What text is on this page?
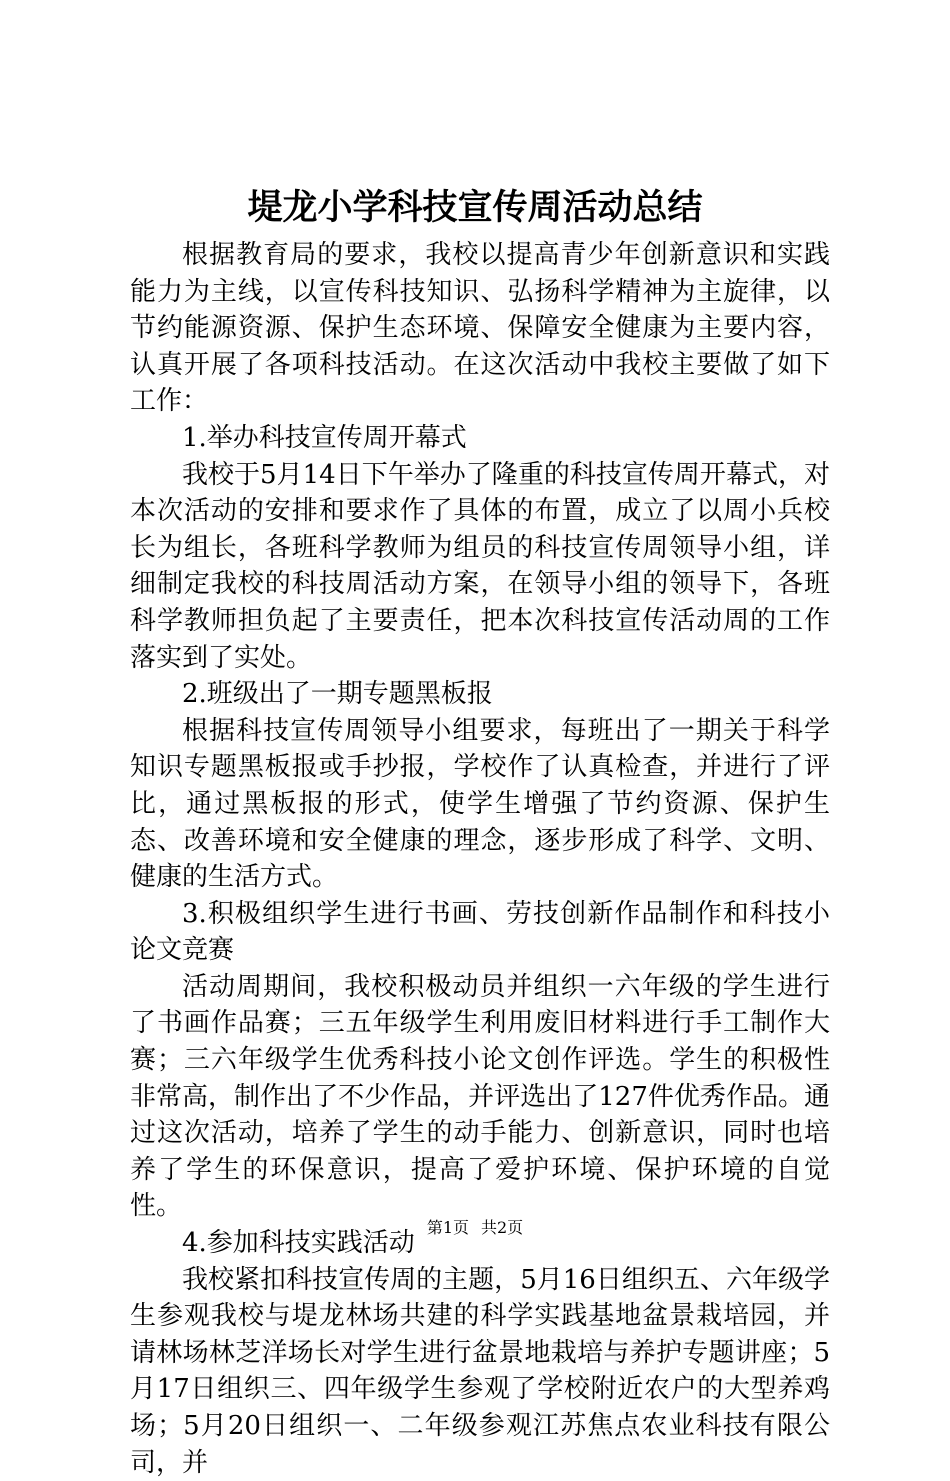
堤龙小学科技宣传周活动总结

根据教育局的要求，我校以提高青少年创新意识和实践能力为主线，以宣传科技知识、弘扬科学精神为主旋律，以节约能源资源、保护生态环境、保障安全健康为主要内容，认真开展了各项科技活动。在这次活动中我校主要做了如下工作：

1.举办科技宣传周开幕式

我校于5月14日下午举办了隆重的科技宣传周开幕式，对本次活动的安排和要求作了具体的布置，成立了以周小兵校长为组长，各班科学教师为组员的科技宣传周领导小组，详细制定我校的科技周活动方案，在领导小组的领导下，各班科学教师担负起了主要责任，把本次科技宣传活动周的工作落实到了实处。

2.班级出了一期专题黑板报

根据科技宣传周领导小组要求，每班出了一期关于科学知识专题黑板报或手抄报，学校作了认真检查，并进行了评比，通过黑板报的形式，使学生增强了节约资源、保护生态、改善环境和安全健康的理念，逐步形成了科学、文明、健康的生活方式。

3.积极组织学生进行书画、劳技创新作品制作和科技小论文竞赛

活动周期间，我校积极动员并组织一六年级的学生进行了书画作品赛；三五年级学生利用废旧材料进行手工制作大赛；三六年级学生优秀科技小论文创作评选。学生的积极性非常高，制作出了不少作品，并评选出了127件优秀作品。通过这次活动，培养了学生的动手能力、创新意识，同时也培养了学生的环保意识，提高了爱护环境、保护环境的自觉性。

4.参加科技实践活动

我校紧扣科技宣传周的主题，5月16日组织五、六年级学生参观我校与堤龙林场共建的科学实践基地盆景栽培园，并请林场林芝洋场长对学生进行盆景地栽培与养护专题讲座；5月17日组织三、四年级学生参观了学校附近农户的大型养鸡场；5月20日组织一、二年级参观江苏焦点农业科技有限公司，并

第1页 共2页
